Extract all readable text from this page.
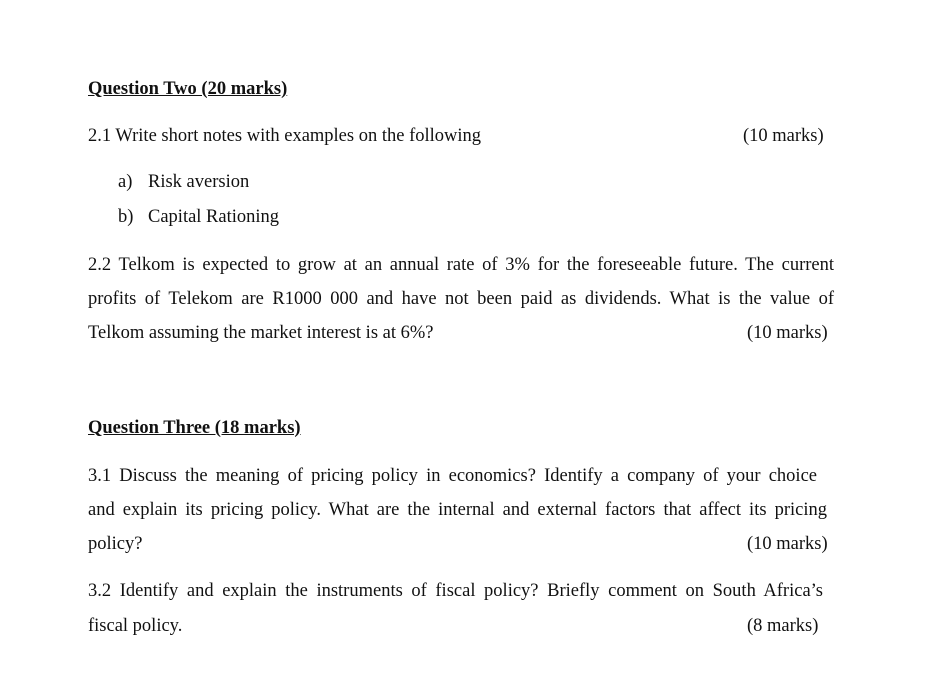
Question Two (20 marks)
2.1 Write short notes with examples on the following	(10 marks)
a) Risk aversion
b) Capital Rationing
2.2 Telkom is expected to grow at an annual rate of 3% for the foreseeable future. The current
profits of Telekom are R1000 000 and have not been paid as dividends. What is the value of
Telkom assuming the market interest is at 6%?	(10 marks)
Question Three (18 marks)
3.1 Discuss the meaning of pricing policy in economics? Identify a company of your choice
and explain its pricing policy. What are the internal and external factors that affect its pricing
policy?	(10 marks)
3.2 Identify and explain the instruments of fiscal policy? Briefly comment on South Africa’s
fiscal policy.	(8 marks)
